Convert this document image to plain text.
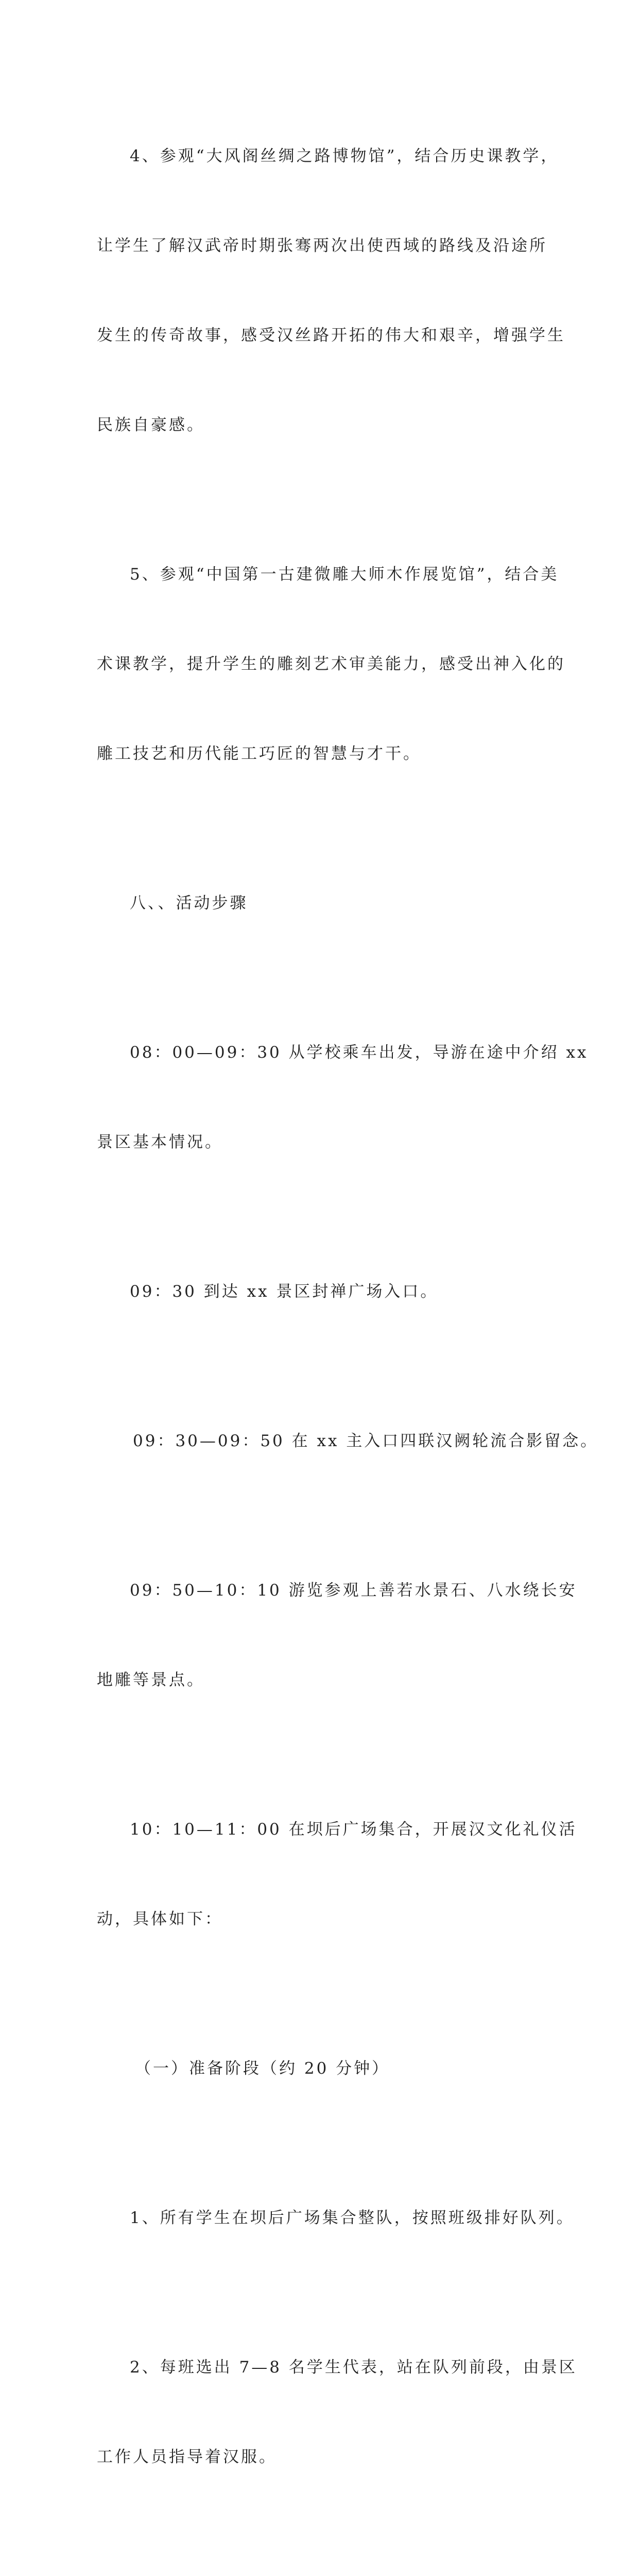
4、参观“大风阁丝绸之路博物馆”，结合历史课教学，

让学生了解汉武帝时期张骞两次出使西域的路线及沿途所

发生的传奇故事，感受汉丝路开拓的伟大和艰辛，增强学生

民族自豪感。

5、参观“中国第一古建微雕大师木作展览馆”，结合美

术课教学，提升学生的雕刻艺术审美能力，感受出神入化的

雕工技艺和历代能工巧匠的智慧与才干。

八、、活动步骤

08：00—09：30 从学校乘车出发，导游在途中介绍 xx

景区基本情况。

09：30 到达 xx 景区封禅广场入口。

09：30—09：50 在 xx 主入口四联汉阙轮流合影留念。

09：50—10：10 游览参观上善若水景石、八水绕长安

地雕等景点。

10：10—11：00 在坝后广场集合，开展汉文化礼仪活

动，具体如下：

（一）准备阶段（约 20 分钟）

1、所有学生在坝后广场集合整队，按照班级排好队列。

2、每班选出 7—8 名学生代表，站在队列前段，由景区

工作人员指导着汉服。
